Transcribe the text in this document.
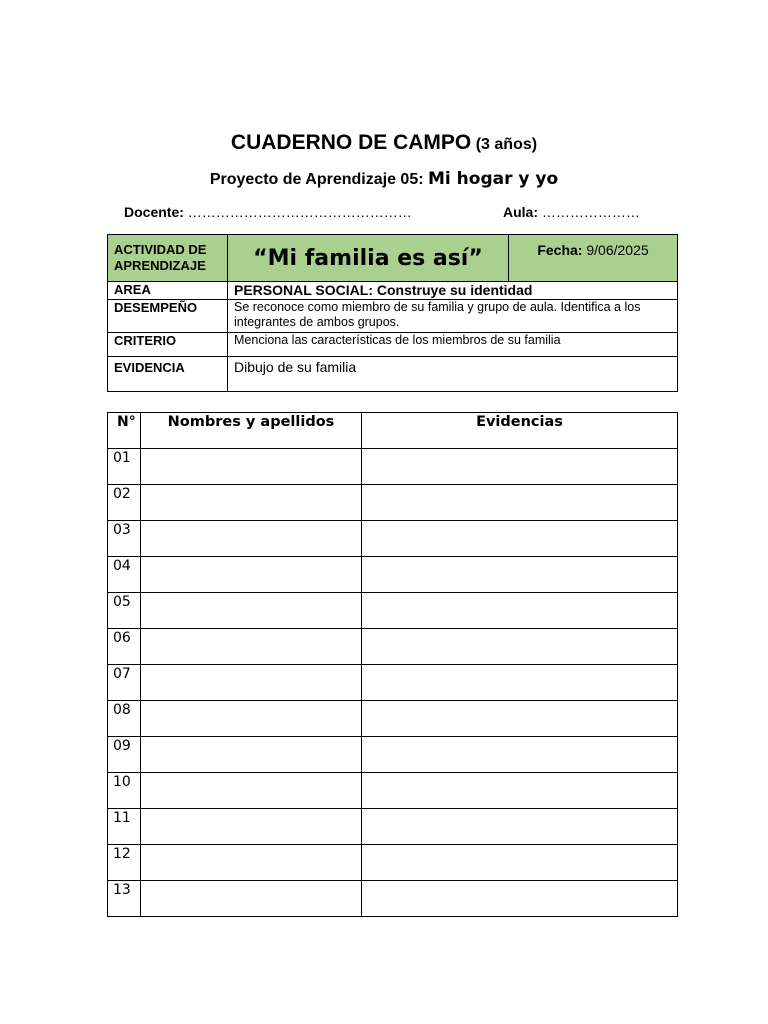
CUADERNO DE CAMPO (3 años)
Proyecto de Aprendizaje 05: Mi hogar y yo
Docente: …………………………………………	Aula: …………………
ACTIVIDAD DE
APRENDIZAJE	“Mi familia es así”	Fecha: 9/06/2025
AREA	PERSONAL SOCIAL: Construye su identidad	
DESEMPEÑO	Se reconoce como miembro de su familia y grupo de aula. Identifica a los integrantes de ambos grupos.	
CRITERIO	Menciona las características de los miembros de su familia	
EVIDENCIA	Dibujo de su familia	
N°	Nombres y apellidos	Evidencias
01		
02		
03		
04		
05		
06		
07		
08		
09		
10		
11		
12		
13		
